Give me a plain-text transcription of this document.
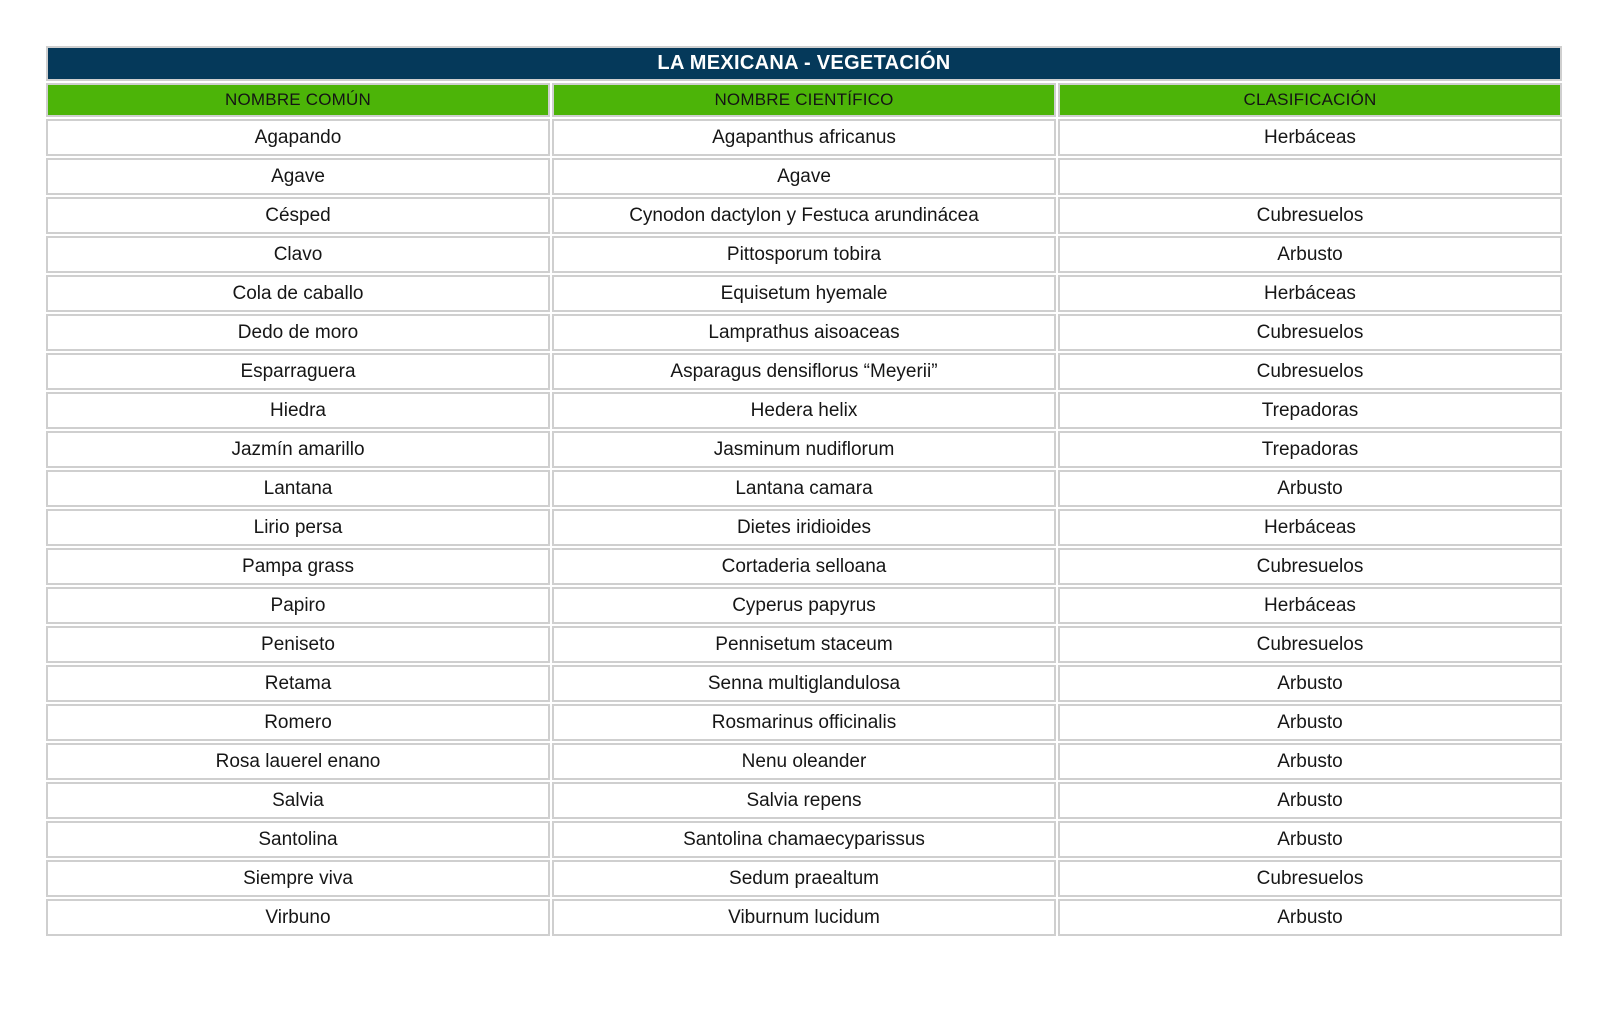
LA MEXICANA - VEGETACIÓN		
NOMBRE COMÚN	NOMBRE CIENTÍFICO	CLASIFICACIÓN
Agapando	Agapanthus africanus	Herbáceas
Agave	Agave	
Césped	Cynodon dactylon y Festuca arundinácea	Cubresuelos
Clavo	Pittosporum tobira	Arbusto
Cola de caballo	Equisetum hyemale	Herbáceas
Dedo de moro	Lamprathus aisoaceas	Cubresuelos
Esparraguera	Asparagus densiflorus “Meyerii”	Cubresuelos
Hiedra	Hedera helix	Trepadoras
Jazmín amarillo	Jasminum nudiflorum	Trepadoras
Lantana	Lantana camara	Arbusto
Lirio persa	Dietes iridioides	Herbáceas
Pampa grass	Cortaderia selloana	Cubresuelos
Papiro	Cyperus papyrus	Herbáceas
Peniseto	Pennisetum staceum	Cubresuelos
Retama	Senna multiglandulosa	Arbusto
Romero	Rosmarinus officinalis	Arbusto
Rosa lauerel enano	Nenu oleander	Arbusto
Salvia	Salvia repens	Arbusto
Santolina	Santolina chamaecyparissus	Arbusto
Siempre viva	Sedum praealtum	Cubresuelos
Virbuno	Viburnum lucidum	Arbusto
